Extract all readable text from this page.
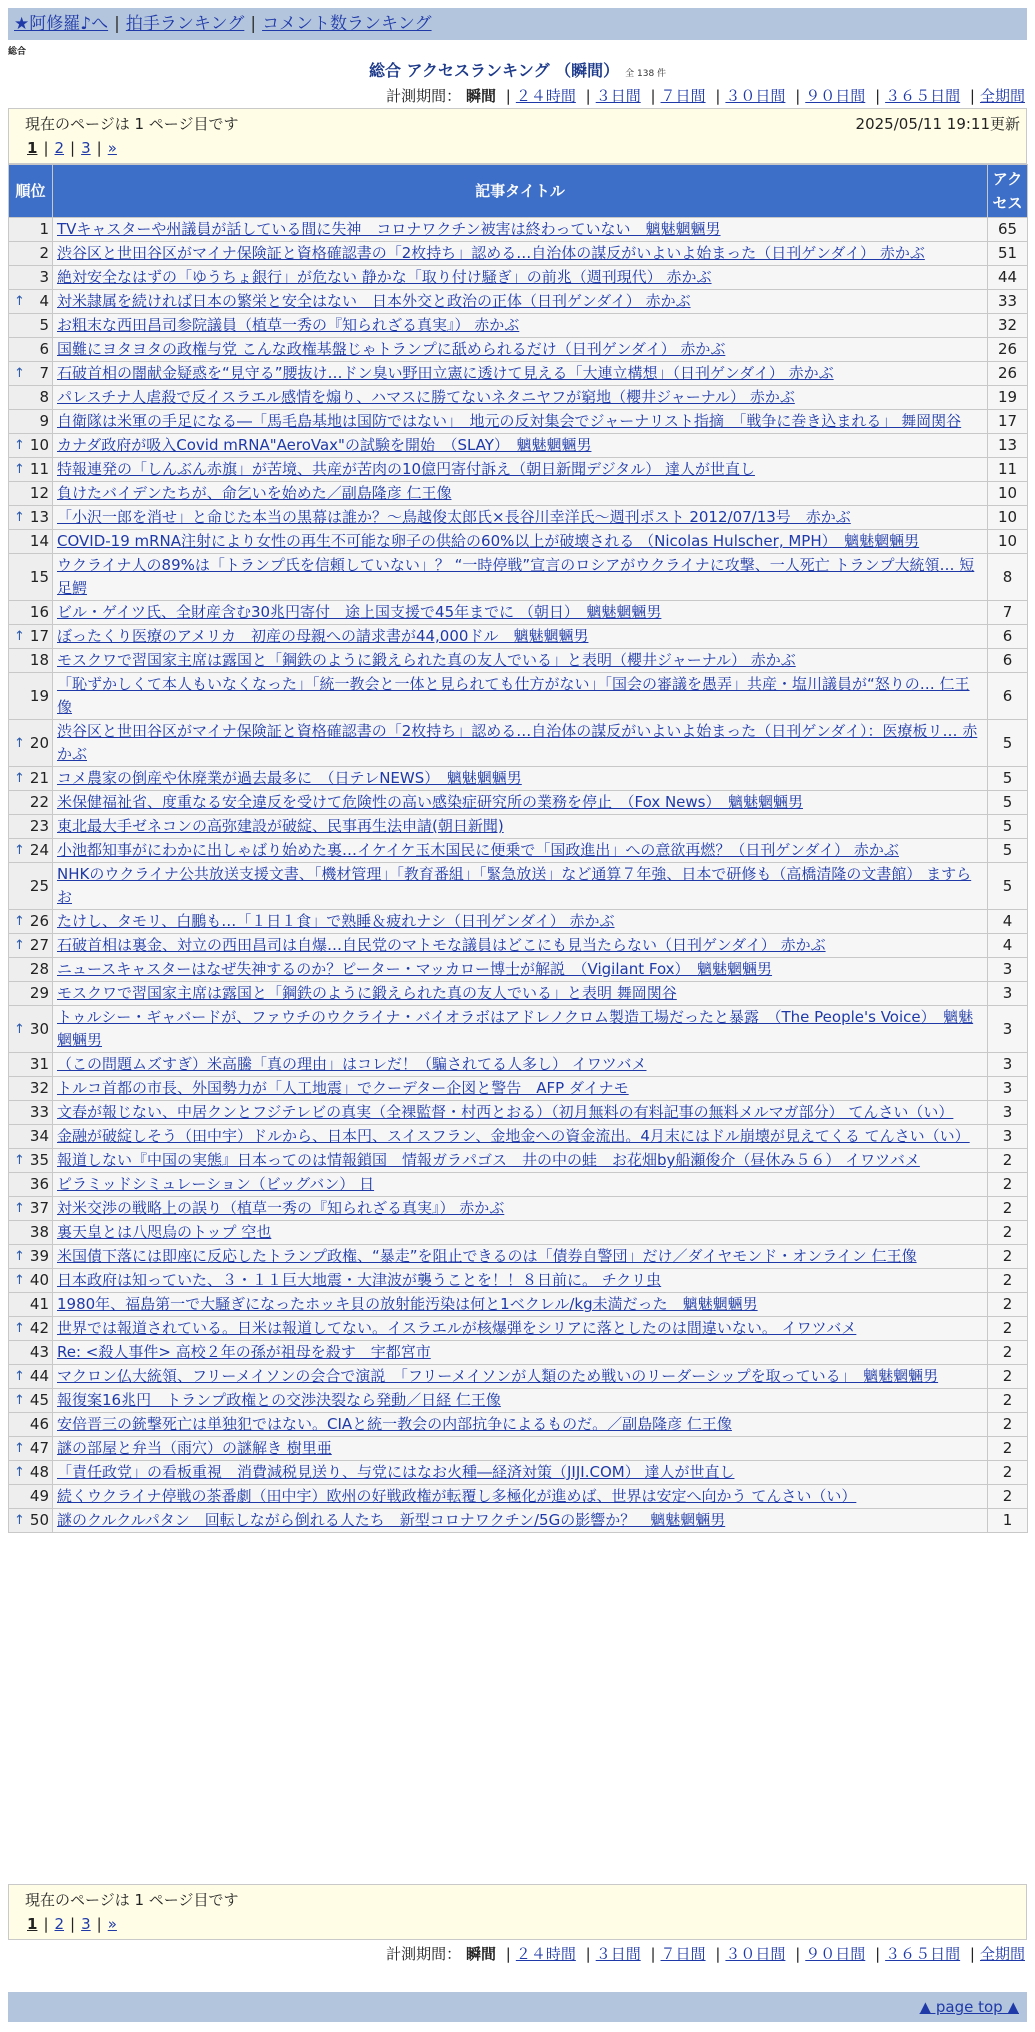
★阿修羅♪へ | 拍手ランキング | コメント数ランキング
総合
総合 アクセスランキング （瞬間） 全 138 件
計測期間： 瞬間 | ２４時間 | ３日間 | ７日間 | ３０日間 | ９０日間 | ３６５日間 | 全期間
現在のページは 1 ページ目です	2025/05/11 19:11更新
1 | 2 | 3 | »
順位	記事タイトル	アクセス
1	TVキャスターや州議員が話している間に失神　コロナワクチン被害は終わっていない　魑魅魍魎男	65
2	渋谷区と世田谷区がマイナ保険証と資格確認書の「2枚持ち」認める…自治体の謀反がいよいよ始まった（日刊ゲンダイ） 赤かぶ	51
3	絶対安全なはずの「ゆうちょ銀行」が危ない 静かな「取り付け騒ぎ」の前兆（週刊現代） 赤かぶ	44

↑ 4	対米隷属を続ければ日本の繁栄と安全はない　日本外交と政治の正体（日刊ゲンダイ） 赤かぶ	33
5	お粗末な西田昌司参院議員（植草一秀の『知られざる真実』） 赤かぶ	32
6	国難にヨタヨタの政権与党 こんな政権基盤じゃトランプに舐められるだけ（日刊ゲンダイ） 赤かぶ	26

↑ 7	石破首相の闇献金疑惑を“見守る”腰抜け…ドン臭い野田立憲に透けて見える「大連立構想」（日刊ゲンダイ） 赤かぶ	26
8	パレスチナ人虐殺で反イスラエル感情を煽り、ハマスに勝てないネタニヤフが窮地（櫻井ジャーナル） 赤かぶ	19
9	自衛隊は米軍の手足になる―「馬毛島基地は国防ではない」　地元の反対集会でジャーナリスト指摘　「戦争に巻き込まれる」 舞岡関谷	17

↑ 10	カナダ政府が吸入Covid mRNA"AeroVax"の試験を開始　（SLAY）　魑魅魍魎男	13

↑ 11	特報連発の「しんぶん赤旗」が苦境、共産が苦肉の10億円寄付訴え（朝日新聞デジタル） 達人が世直し	11
12	負けたバイデンたちが、命乞いを始めた／副島隆彦 仁王像	10

↑ 13	「小沢一郎を消せ」と命じた本当の黒幕は誰か？～鳥越俊太郎氏×長谷川幸洋氏～週刊ポスト 2012/07/13号　赤かぶ	10
14	COVID-19 mRNA注射により女性の再生不可能な卵子の供給の60%以上が破壊される （Nicolas Hulscher, MPH）　魑魅魍魎男	10
15	ウクライナ人の89%は「トランプ氏を信頼していない」？ “一時停戦”宣言のロシアがウクライナに攻撃、一人死亡 トランプ大統領… 短足鰐	8
16	ビル・ゲイツ氏、全財産含む30兆円寄付　途上国支援で45年までに （朝日）　魑魅魍魎男	7

↑ 17	ぼったくり医療のアメリカ　初産の母親への請求書が44,000ドル　魑魅魍魎男	6
18	モスクワで習国家主席は露国と「鋼鉄のように鍛えられた真の友人でいる」と表明（櫻井ジャーナル） 赤かぶ	6
19	「恥ずかしくて本人もいなくなった」「統一教会と一体と見られても仕方がない」「国会の審議を愚弄」共産・塩川議員が“怒りの… 仁王像	6

↑ 20	渋谷区と世田谷区がマイナ保険証と資格確認書の「2枚持ち」認める…自治体の謀反がいよいよ始まった（日刊ゲンダイ）：医療板リ… 赤かぶ	5

↑ 21	コメ農家の倒産や休廃業が過去最多に　（日テレNEWS）　魑魅魍魎男	5
22	米保健福祉省、度重なる安全違反を受けて危険性の高い感染症研究所の業務を停止　（Fox News）　魑魅魍魎男	5
23	東北最大手ゼネコンの高弥建設が破綻、民事再生法申請(朝日新聞)	5

↑ 24	小池都知事がにわかに出しゃばり始めた裏…イケイケ玉木国民に便乗で「国政進出」への意欲再燃？（日刊ゲンダイ） 赤かぶ	5
25	NHKのウクライナ公共放送支援文書、「機材管理」「教育番組」「緊急放送」など通算７年強、日本で研修も（高橋清隆の文書館） ますらお	5

↑ 26	たけし、タモリ、白鵬も…「１日１食」で熟睡＆疲れナシ（日刊ゲンダイ） 赤かぶ	4

↑ 27	石破首相は裏金、対立の西田昌司は自爆…自民党のマトモな議員はどこにも見当たらない（日刊ゲンダイ） 赤かぶ	4
28	ニュースキャスターはなぜ失神するのか？ピーター・マッカロー博士が解説　（Vigilant Fox）　魑魅魍魎男	3
29	モスクワで習国家主席は露国と「鋼鉄のように鍛えられた真の友人でいる」と表明 舞岡関谷	3

↑ 30	トゥルシー・ギャバードが、ファウチのウクライナ・バイオラボはアドレノクロム製造工場だったと暴露　（The People's Voice）　魑魅魍魎男	3
31	（この問題ムズすぎ）米高騰「真の理由」はコレだ！（騙されてる人多し） イワツバメ	3
32	トルコ首都の市長、外国勢力が「人工地震」でクーデター企図と警告　AFP ダイナモ	3
33	文春が報じない、中居クンとフジテレビの真実（全裸監督・村西とおる）（初月無料の有料記事の無料メルマガ部分） てんさい（い）	3
34	金融が破綻しそう（田中宇）ドルから、日本円、スイスフラン、金地金への資金流出。4月末にはドル崩壊が見えてくる てんさい（い）	3

↑ 35	報道しない『中国の実態』日本ってのは情報鎖国　情報ガラパゴス　井の中の蛙　お花畑by船瀬俊介（昼休み５６） イワツバメ	2
36	ピラミッドシミュレーション（ビッグバン） 日	2

↑ 37	対米交渉の戦略上の誤り（植草一秀の『知られざる真実』） 赤かぶ	2
38	裏天皇とは八咫烏のトップ 空也	2

↑ 39	米国債下落には即座に反応したトランプ政権、“暴走”を阻止できるのは「債券自警団」だけ／ダイヤモンド・オンライン 仁王像	2

↑ 40	日本政府は知っていた、３・１１巨大地震・大津波が襲うことを！！８日前に。 チクリ虫	2
41	1980年、福島第一で大騒ぎになったホッキ貝の放射能汚染は何と1ベクレル/kg未満だった　魑魅魍魎男	2

↑ 42	世界では報道されている。日米は報道してない。イスラエルが核爆弾をシリアに落としたのは間違いない。 イワツバメ	2
43	Re: <殺人事件> 高校２年の孫が祖母を殺す　宇都宮市	2

↑ 44	マクロン仏大統領、フリーメイソンの会合で演説　「フリーメイソンが人類のため戦いのリーダーシップを取っている」　魑魅魍魎男	2

↑ 45	報復案16兆円　トランプ政権との交渉決裂なら発動／日経 仁王像	2
46	安倍晋三の銃撃死亡は単独犯ではない。CIAと統一教会の内部抗争によるものだ。／副島隆彦 仁王像	2

↑ 47	謎の部屋と弁当（雨穴）の謎解き 樹里亜	2

↑ 48	「責任政党」の看板重視　消費減税見送り、与党にはなお火種―経済対策（JIJI.COM） 達人が世直し	2
49	続くウクライナ停戦の茶番劇（田中宇）欧州の好戦政権が転覆し多極化が進めば、世界は安定へ向かう てんさい（い）	2

↑ 50	謎のクルクルパタン　回転しながら倒れる人たち　新型コロナワクチン/5Gの影響か？　魑魅魍魎男	1
現在のページは 1 ページ目です
1 | 2 | 3 | »
計測期間： 瞬間 | ２４時間 | ３日間 | ７日間 | ３０日間 | ９０日間 | ３６５日間 | 全期間
▲ page top ▲
